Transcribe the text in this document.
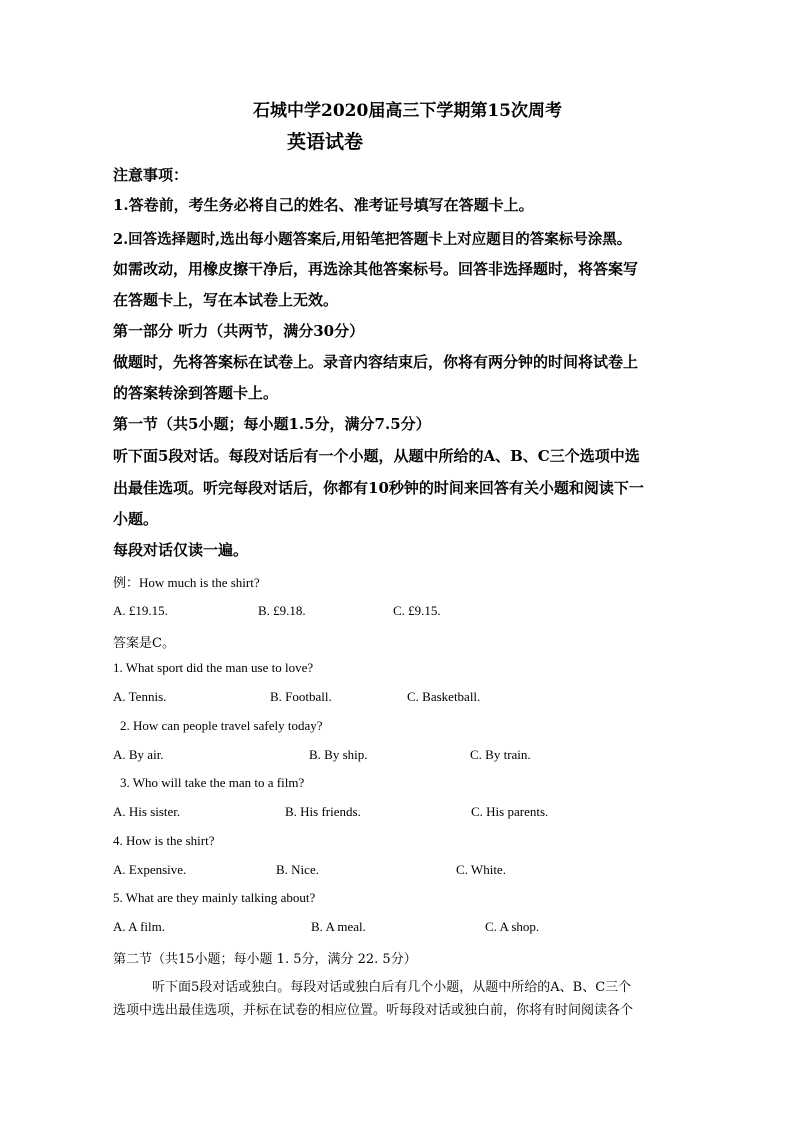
石城中学2020届高三下学期第15次周考
英语试卷
注意事项：
1.答卷前，考生务必将自己的姓名、准考证号填写在答题卡上。
2.回答选择题时,选出每小题答案后,用铅笔把答题卡上对应题目的答案标号涂黑。
如需改动，用橡皮擦干净后，再选涂其他答案标号。回答非选择题时，将答案写
在答题卡上，写在本试卷上无效。
第一部分 听力（共两节，满分30分）
做题时，先将答案标在试卷上。录音内容结束后，你将有两分钟的时间将试卷上
的答案转涂到答题卡上。
第一节（共5小题；每小题1.5分，满分7.5分）
听下面5段对话。每段对话后有一个小题，从题中所给的A、B、C三个选项中选
出最佳选项。听完每段对话后，你都有10秒钟的时间来回答有关小题和阅读下一
小题。
每段对话仅读一遍。
例：How much is the shirt?
A. £19.15.	B. £9.18.	C. £9.15.
答案是C。
1. What sport did the man use to love?
A. Tennis.	B. Football.	C. Basketball.
2. How can people travel safely today?
A. By air.	B. By ship.	C. By train.
3. Who will take the man to a film?
A. His sister.	B. His friends.	C. His parents.
4. How is the shirt?
A. Expensive.	B. Nice.	C. White.
5. What are they mainly talking about?
A. A film.	B. A meal.	C. A shop.
第二节（共15小题；每小题 1. 5分，满分 22. 5分）
听下面5段对话或独白。每段对话或独白后有几个小题，从题中所给的A、B、C三个
选项中选出最佳选项，并标在试卷的相应位置。听每段对话或独白前，你将有时间阅读各个
